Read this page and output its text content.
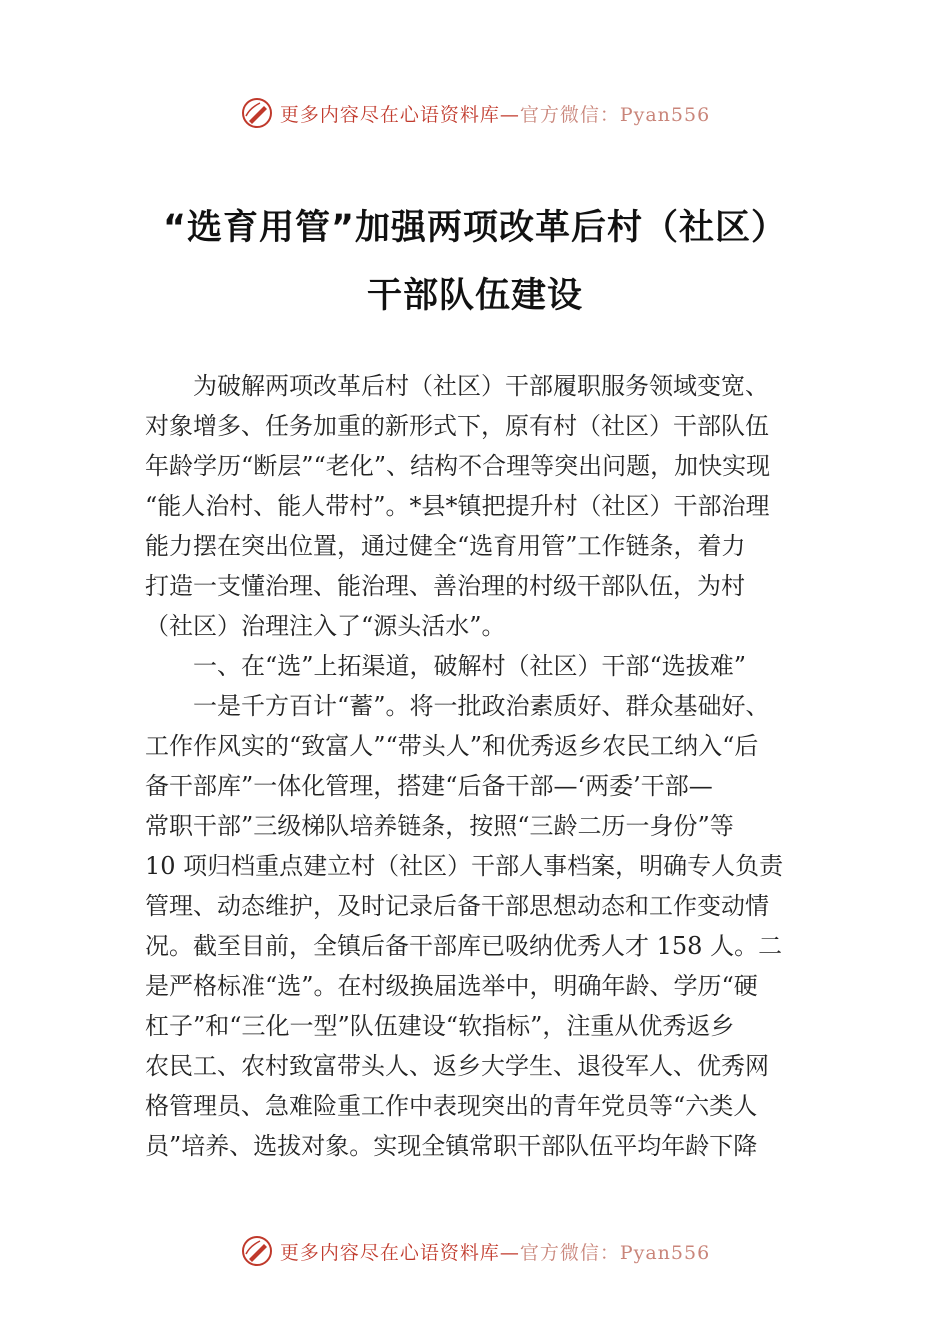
更多内容尽在心语资料库—官方微信：Pyan556
“选育用管”加强两项改革后村（社区）
干部队伍建设
为破解两项改革后村（社区）干部履职服务领域变宽、
对象增多、任务加重的新形式下，原有村（社区）干部队伍
年龄学历“断层”“老化”、结构不合理等突出问题，加快实现
“能人治村、能人带村”。*县*镇把提升村（社区）干部治理
能力摆在突出位置，通过健全“选育用管”工作链条，着力
打造一支懂治理、能治理、善治理的村级干部队伍，为村
（社区）治理注入了“源头活水”。
一、在“选”上拓渠道，破解村（社区）干部“选拔难”
一是千方百计“蓄”。将一批政治素质好、群众基础好、
工作作风实的“致富人”“带头人”和优秀返乡农民工纳入“后
备干部库”一体化管理，搭建“后备干部—‘两委’干部—
常职干部”三级梯队培养链条，按照“三龄二历一身份”等
10 项归档重点建立村（社区）干部人事档案，明确专人负责
管理、动态维护，及时记录后备干部思想动态和工作变动情
况。截至目前，全镇后备干部库已吸纳优秀人才 158 人。二
是严格标准“选”。在村级换届选举中，明确年龄、学历“硬
杠子”和“三化一型”队伍建设“软指标”，注重从优秀返乡
农民工、农村致富带头人、返乡大学生、退役军人、优秀网
格管理员、急难险重工作中表现突出的青年党员等“六类人
员”培养、选拔对象。实现全镇常职干部队伍平均年龄下降
更多内容尽在心语资料库—官方微信：Pyan556
